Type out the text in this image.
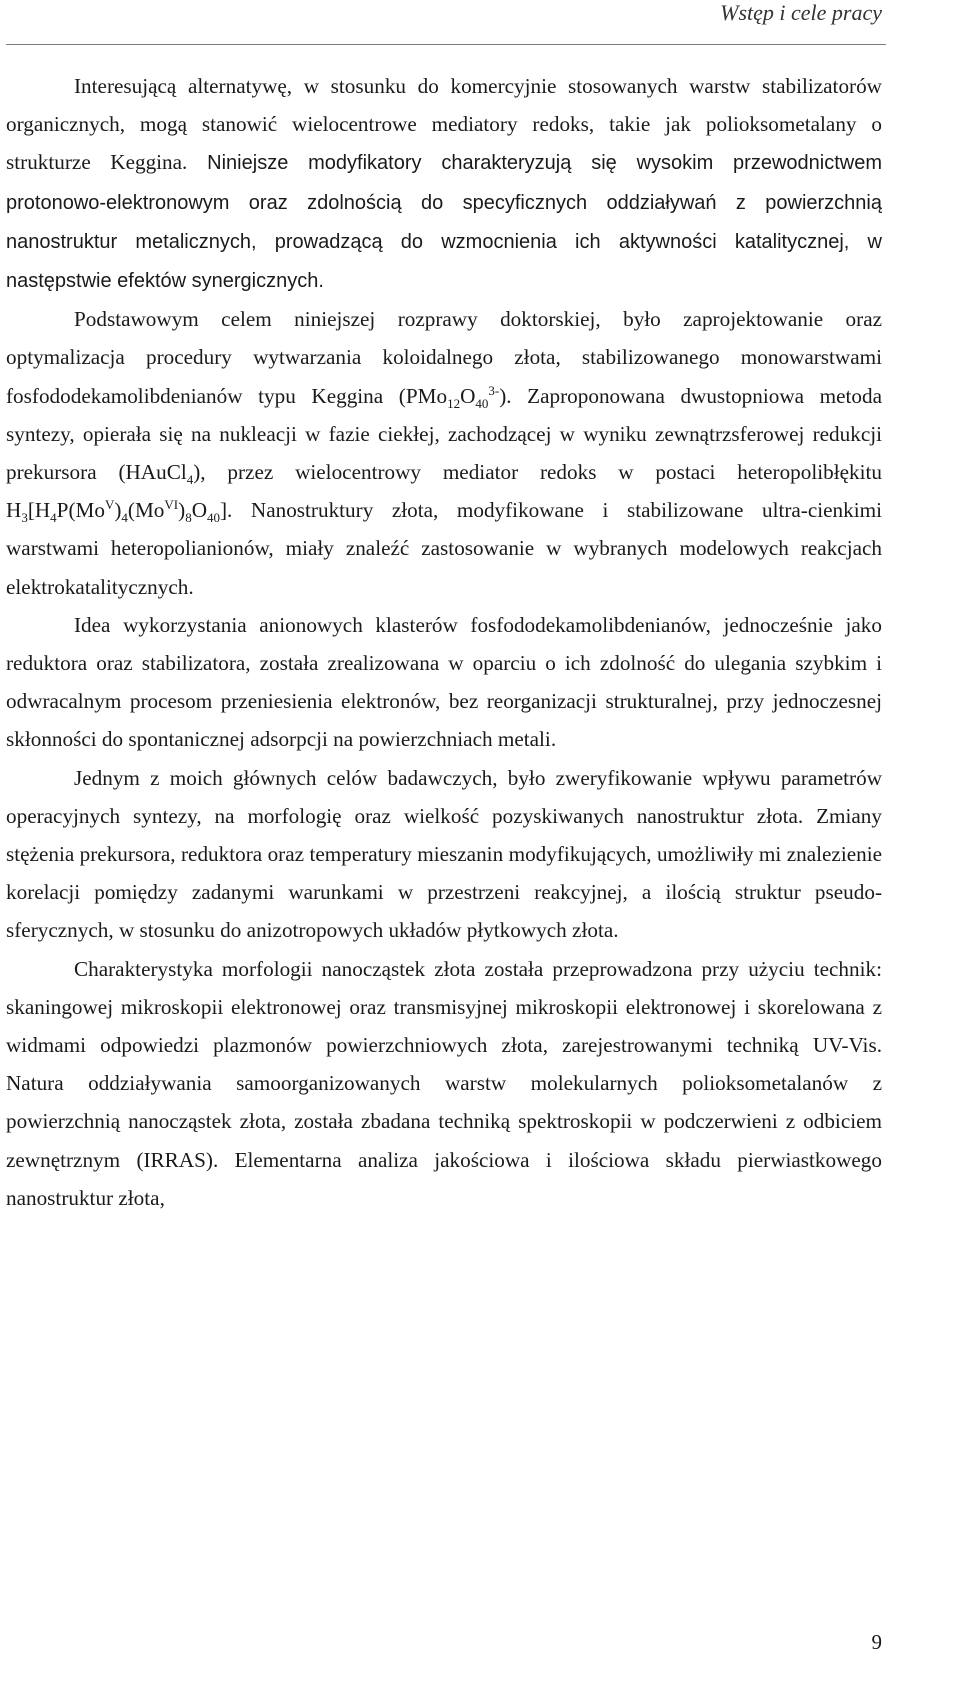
Wstęp i cele pracy

Interesującą alternatywę, w stosunku do komercyjnie stosowanych warstw stabilizatorów organicznych, mogą stanowić wielocentrowe mediatory redoks, takie jak polioksometalany o strukturze Keggina. Niniejsze modyfikatory charakteryzują się wysokim przewodnictwem protonowo-elektronowym oraz zdolnością do specyficznych oddziaływań z powierzchnią nanostruktur metalicznych, prowadzącą do wzmocnienia ich aktywności katalitycznej, w następstwie efektów synergicznych.

Podstawowym celem niniejszej rozprawy doktorskiej, było zaprojektowanie oraz optymalizacja procedury wytwarzania koloidalnego złota, stabilizowanego monowarstwami fosfododekamolibdenianów typu Keggina $(PMo_{12}O_{40}^{3-})$. Zaproponowana dwustopniowa metoda syntezy, opierała się na nukleacji w fazie ciekłej, zachodzącej w wyniku zewnątrzsferowej redukcji prekursora (HAuCl$_4$), przez wielocentrowy mediator redoks w postaci heteropolibłękitu $H_3[H_4P(Mo^V)_4(Mo^{VI})_8O_{40}]$. Nanostruktury złota, modyfikowane i stabilizowane ultra-cienkimi warstwami heteropolianionów, miały znaleźć zastosowanie w wybranych modelowych reakcjach elektrokatalitycznych.

Idea wykorzystania anionowych klasterów fosfododekamolibdenianów, jednocześnie jako reduktora oraz stabilizatora, została zrealizowana w oparciu o ich zdolność do ulegania szybkim i odwracalnym procesom przeniesienia elektronów, bez reorganizacji strukturalnej, przy jednoczesnej skłonności do spontanicznej adsorpcji na powierzchniach metali.

Jednym z moich głównych celów badawczych, było zweryfikowanie wpływu parametrów operacyjnych syntezy, na morfologię oraz wielkość pozyskiwanych nanostruktur złota. Zmiany stężenia prekursora, reduktora oraz temperatury mieszanin modyfikujących, umożliwiły mi znalezienie korelacji pomiędzy zadanymi warunkami w przestrzeni reakcyjnej, a ilością struktur pseudo-sferycznych, w stosunku do anizotropowych układów płytkowych złota.

Charakterystyka morfologii nanocząstek złota została przeprowadzona przy użyciu technik: skaningowej mikroskopii elektronowej oraz transmisyjnej mikroskopii elektronowej i skorelowana z widmami odpowiedzi plazmonów powierzchniowych złota, zarejestrowanymi techniką UV-Vis. Natura oddziaływania samoorganizowanych warstw molekularnych polioksometalanów z powierzchnią nanocząstek złota, została zbadana techniką spektroskopii w podczerwieni z odbiciem zewnętrznym (IRRAS). Elementarna analiza jakościowa i ilościowa składu pierwiastkowego nanostruktur złota,

9
